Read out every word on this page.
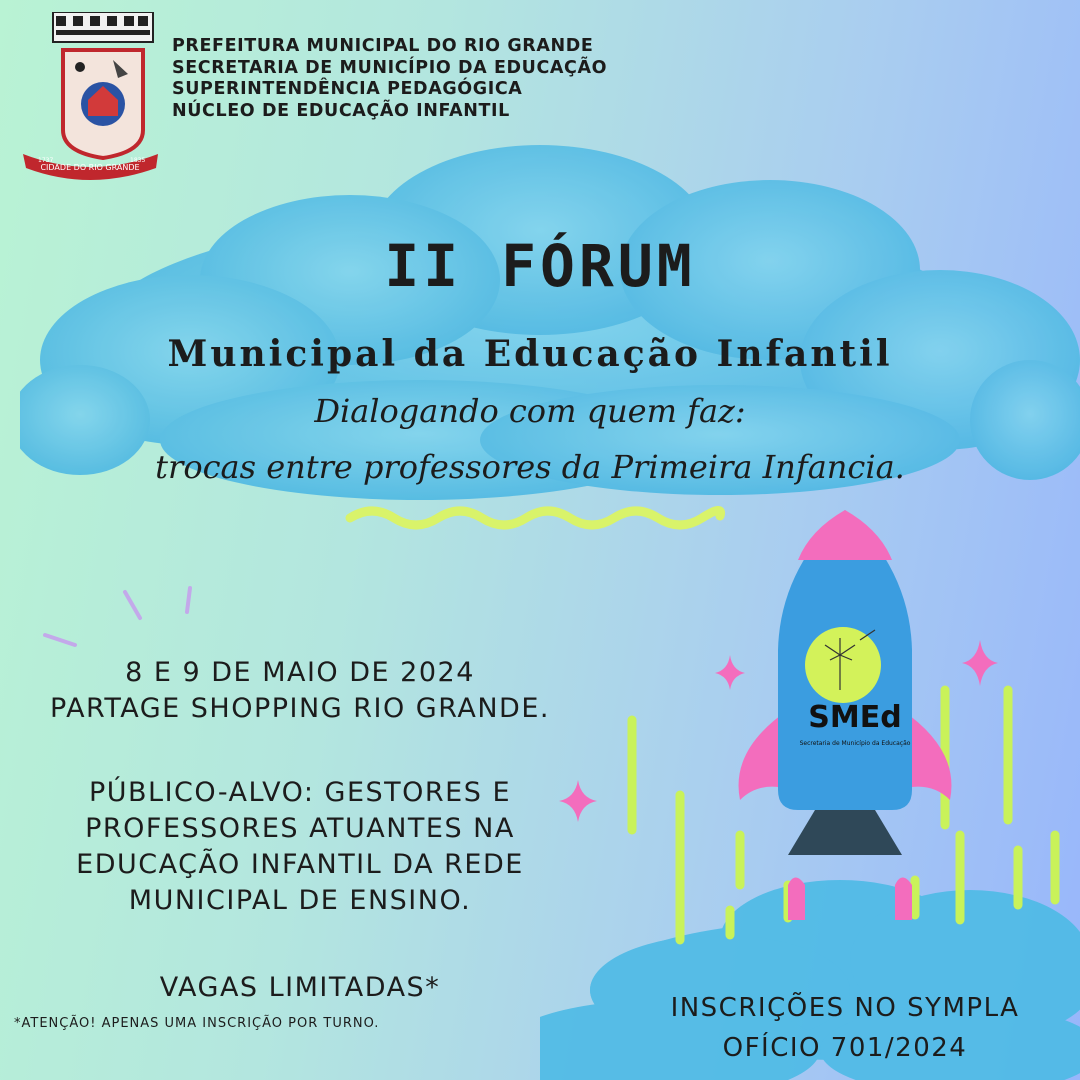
CIDADE DO RIO GRANDE
1737	1835
PREFEITURA MUNICIPAL DO RIO GRANDE
SECRETARIA DE MUNICÍPIO DA EDUCAÇÃO
SUPERINTENDÊNCIA PEDAGÓGICA
NÚCLEO DE EDUCAÇÃO INFANTIL
II FÓRUM
Municipal da Educação Infantil
Dialogando com quem faz:
trocas entre professores da Primeira Infancia.
8 E 9 DE MAIO DE 2024
PARTAGE SHOPPING RIO GRANDE.
PÚBLICO-ALVO: GESTORES E
PROFESSORES ATUANTES NA
EDUCAÇÃO INFANTIL DA REDE
MUNICIPAL DE ENSINO.
VAGAS LIMITADAS*
*ATENÇÃO! APENAS UMA INSCRIÇÃO POR TURNO.
SMEd
Secretaria de Município da Educação
INSCRIÇÕES NO SYMPLA
OFÍCIO 701/2024
